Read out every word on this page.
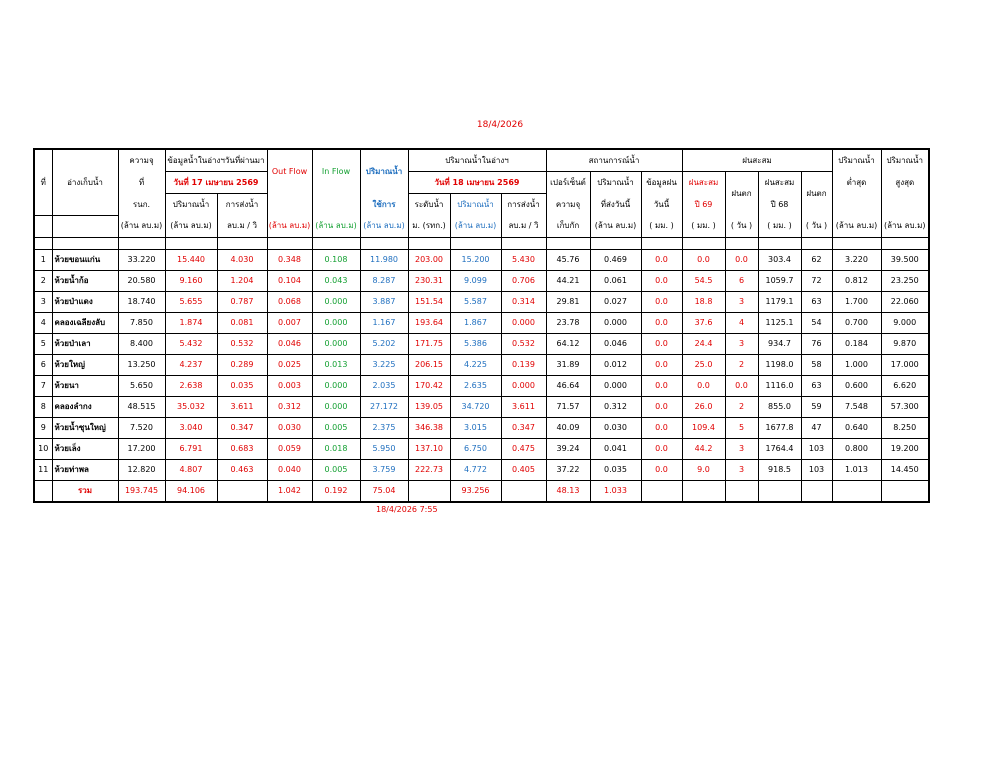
18/4/2026
ที่	อ่างเก็บน้ำ	ความจุ	ข้อมูลน้ำในอ่างฯวันที่ผ่านมา		Out Flow	In Flow	ปริมาณน้ำ	ปริมาณน้ำในอ่างฯ			สถานการณ์น้ำ			ฝนสะสม				ปริมาณน้ำ	ปริมาณน้ำ
		ที่	วันที่ 17 เมษายน 2569					วันที่ 18 เมษายน 2569			เปอร์เซ็นต์	ปริมาณน้ำ	ข้อมูลฝน	ฝนสะสม	ฝนตก	ฝนสะสม	ฝนตก	ต่ำสุด	สูงสุด
		รนก.	ปริมาณน้ำ	การส่งน้ำ			ใช้การ	ระดับน้ำ	ปริมาณน้ำ	การส่งน้ำ	ความจุ	ที่ส่งวันนี้	วันนี้	ปี 69		ปี 68			
		(ล้าน ลบ.ม)	(ล้าน ลบ.ม)	ลบ.ม / วิ	(ล้าน ลบ.ม)	(ล้าน ลบ.ม)	(ล้าน ลบ.ม)	ม. (รทก.)	(ล้าน ลบ.ม)	ลบ.ม / วิ	เก็บกัก	(ล้าน ลบ.ม)	( มม. )	( มม. )	( วัน )	( มม. )	( วัน )	(ล้าน ลบ.ม)	(ล้าน ลบ.ม)

1	ห้วยขอนแก่น	33.220	15.440	4.030	0.348	0.108	11.980	203.00	15.200	5.430	45.76	0.469	0.0	0.0	0.0	303.4	62	3.220	39.500
2	ห้วยน้ำก้อ	20.580	9.160	1.204	0.104	0.043	8.287	230.31	9.099	0.706	44.21	0.061	0.0	54.5	6	1059.7	72	0.812	23.250
3	ห้วยป่าแดง	18.740	5.655	0.787	0.068	0.000	3.887	151.54	5.587	0.314	29.81	0.027	0.0	18.8	3	1179.1	63	1.700	22.060
4	คลองเฉลียงลับ	7.850	1.874	0.081	0.007	0.000	1.167	193.64	1.867	0.000	23.78	0.000	0.0	37.6	4	1125.1	54	0.700	9.000
5	ห้วยป่าเลา	8.400	5.432	0.532	0.046	0.000	5.202	171.75	5.386	0.532	64.12	0.046	0.0	24.4	3	934.7	76	0.184	9.870
6	ห้วยใหญ่	13.250	4.237	0.289	0.025	0.013	3.225	206.15	4.225	0.139	31.89	0.012	0.0	25.0	2	1198.0	58	1.000	17.000
7	ห้วยนา	5.650	2.638	0.035	0.003	0.000	2.035	170.42	2.635	0.000	46.64	0.000	0.0	0.0	0.0	1116.0	63	0.600	6.620
8	คลองลำกง	48.515	35.032	3.611	0.312	0.000	27.172	139.05	34.720	3.611	71.57	0.312	0.0	26.0	2	855.0	59	7.548	57.300
9	ห้วยน้ำซุนใหญ่	7.520	3.040	0.347	0.030	0.005	2.375	346.38	3.015	0.347	40.09	0.030	0.0	109.4	5	1677.8	47	0.640	8.250
10	ห้วยเล็ง	17.200	6.791	0.683	0.059	0.018	5.950	137.10	6.750	0.475	39.24	0.041	0.0	44.2	3	1764.4	103	0.800	19.200
11	ห้วยท่าพล	12.820	4.807	0.463	0.040	0.005	3.759	222.73	4.772	0.405	37.22	0.035	0.0	9.0	3	918.5	103	1.013	14.450
	รวม	193.745	94.106		1.042	0.192	75.04		93.256		48.13	1.033							
18/4/2026 7:55
